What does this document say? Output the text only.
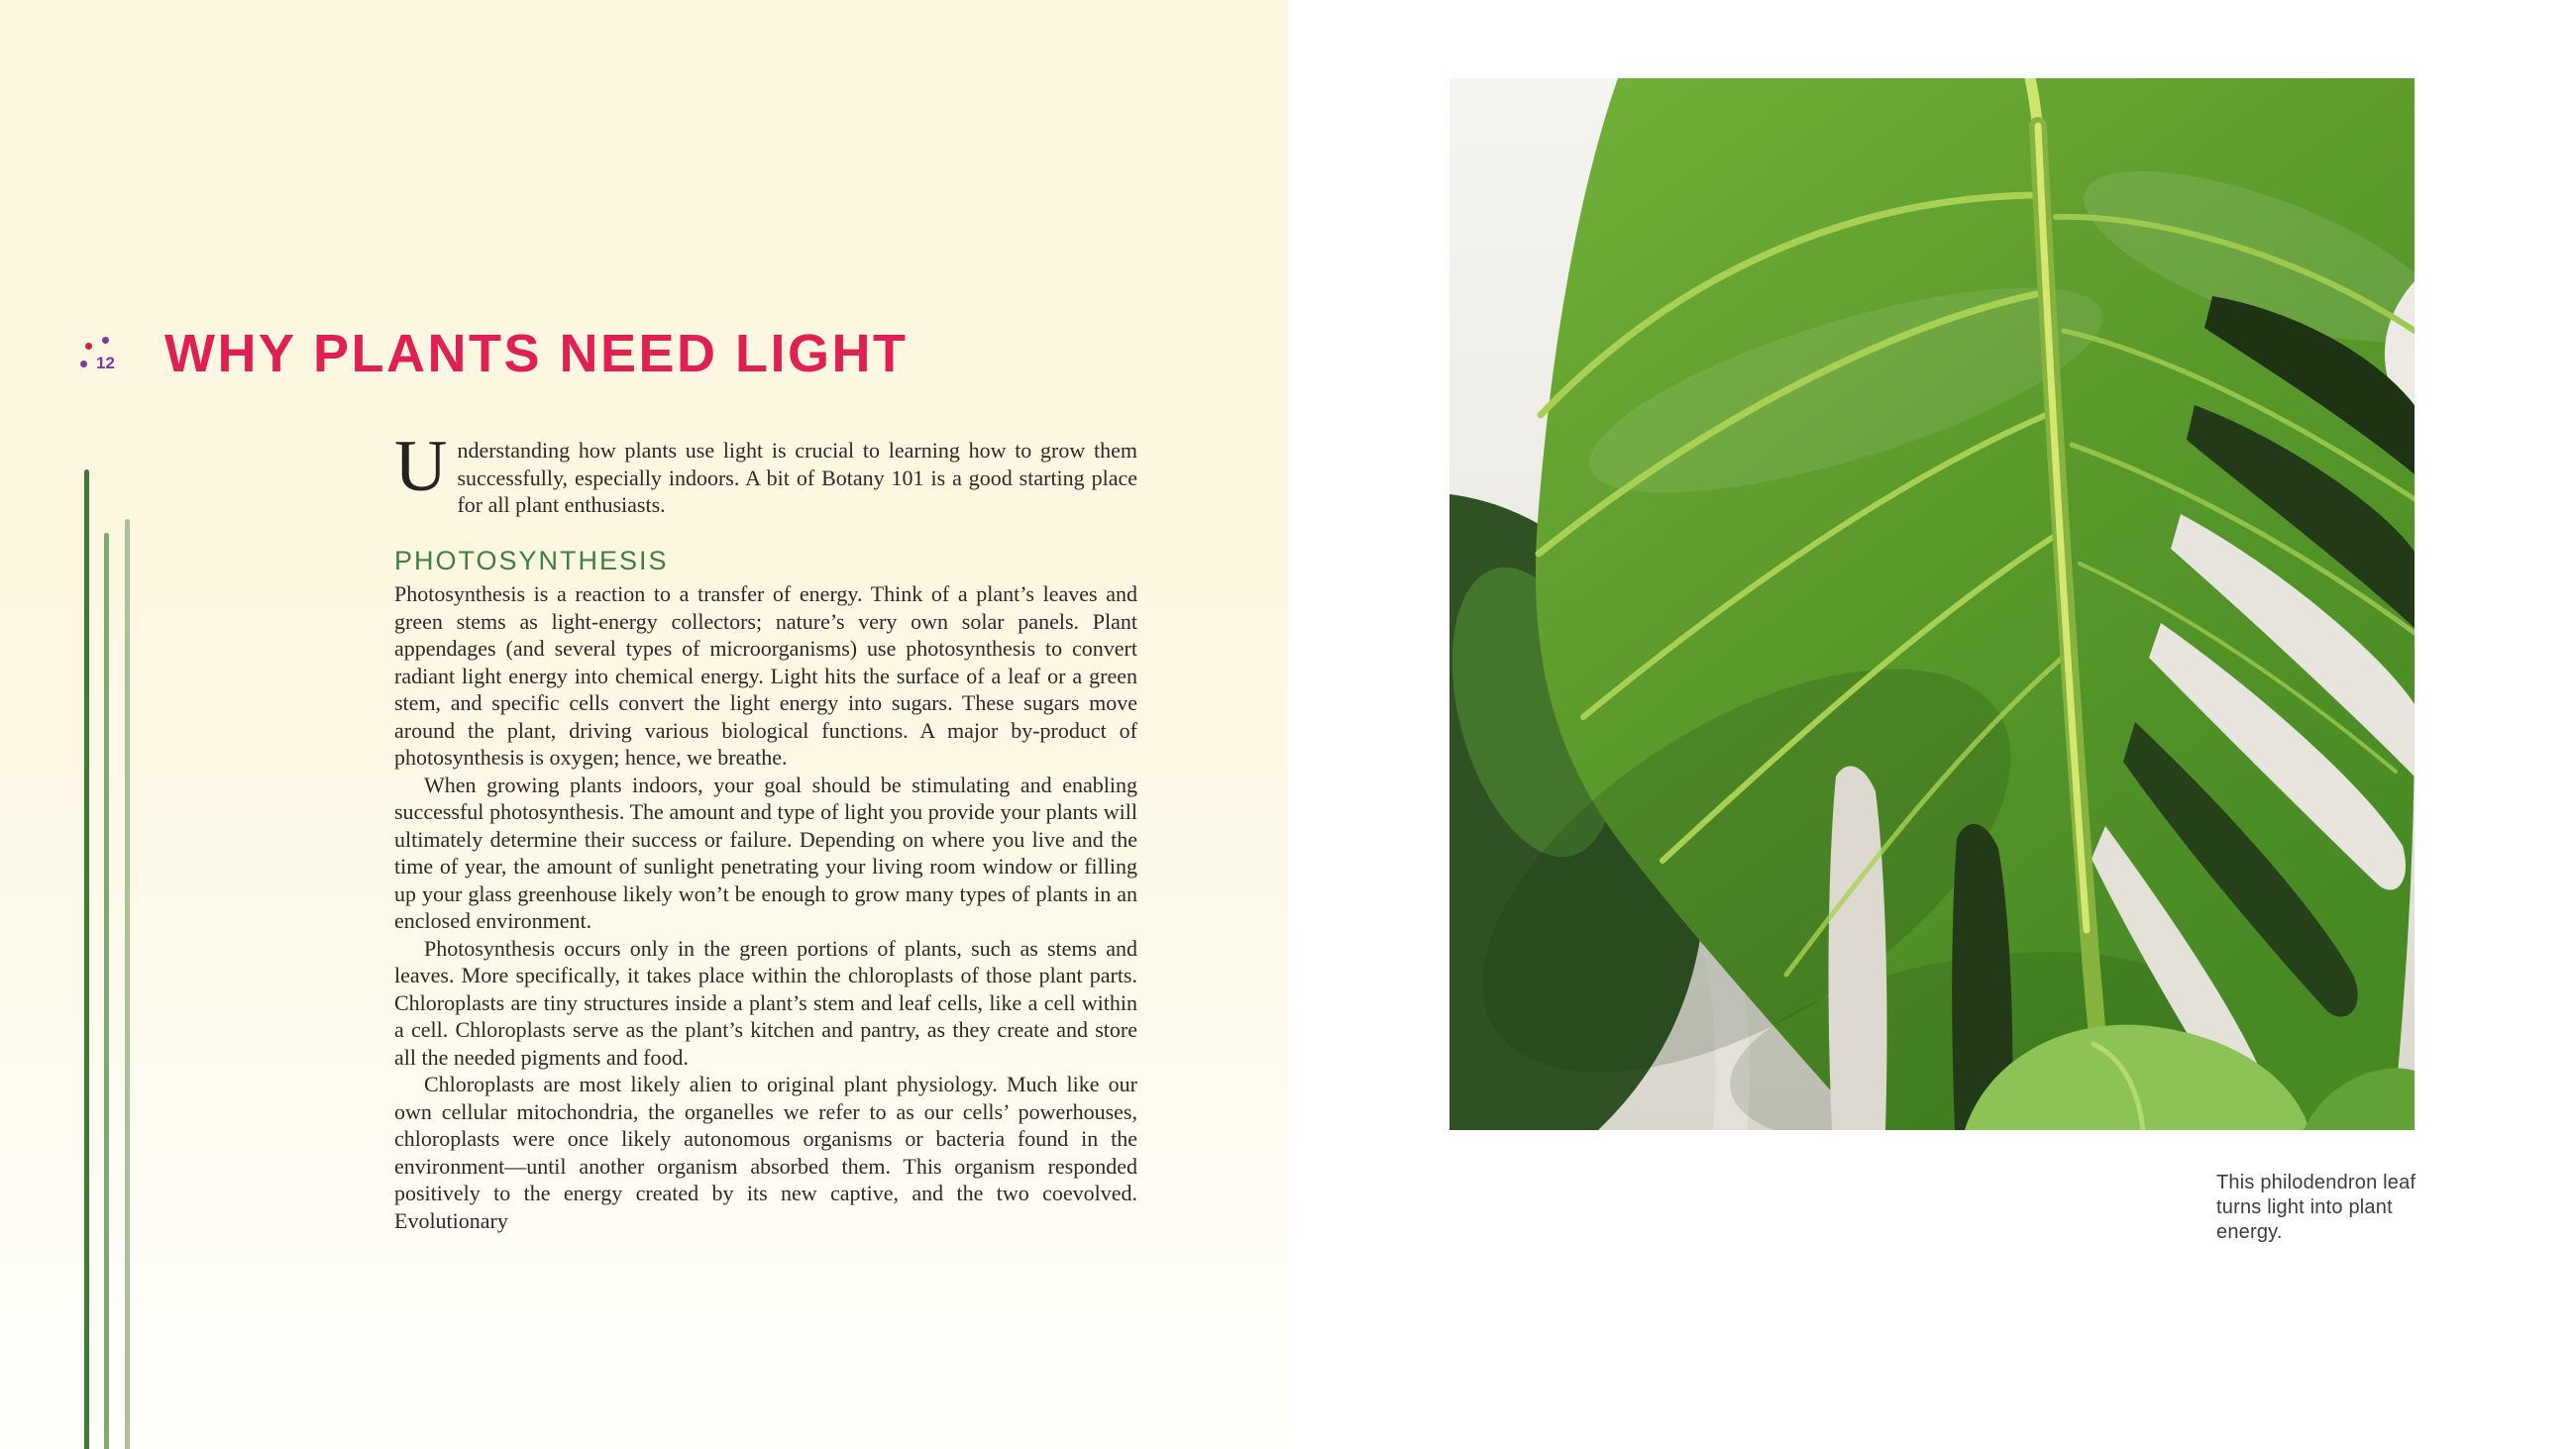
12 WHY PLANTS NEED LIGHT

Understanding how plants use light is crucial to learning how to grow them successfully, especially indoors. A bit of Botany 101 is a good starting place for all plant enthusiasts.

PHOTOSYNTHESIS

Photosynthesis is a reaction to a transfer of energy. Think of a plant’s leaves and green stems as light-energy collectors; nature’s very own solar panels. Plant appendages (and several types of microorganisms) use photosynthesis to convert radiant light energy into chemical energy. Light hits the surface of a leaf or a green stem, and specific cells convert the light energy into sugars. These sugars move around the plant, driving various biological functions. A major by-product of photosynthesis is oxygen; hence, we breathe.

When growing plants indoors, your goal should be stimulating and enabling successful photosynthesis. The amount and type of light you provide your plants will ultimately determine their success or failure. Depending on where you live and the time of year, the amount of sunlight penetrating your living room window or filling up your glass greenhouse likely won’t be enough to grow many types of plants in an enclosed environment.

Photosynthesis occurs only in the green portions of plants, such as stems and leaves. More specifically, it takes place within the chloroplasts of those plant parts. Chloroplasts are tiny structures inside a plant’s stem and leaf cells, like a cell within a cell. Chloroplasts serve as the plant’s kitchen and pantry, as they create and store all the needed pigments and food.

Chloroplasts are most likely alien to original plant physiology. Much like our own cellular mitochondria, the organelles we refer to as our cells’ powerhouses, chloroplasts were once likely autonomous organisms or bacteria found in the environment—until another organism absorbed them. This organism responded positively to the energy created by its new captive, and the two coevolved. Evolutionary

This philodendron leaf turns light into plant energy.
